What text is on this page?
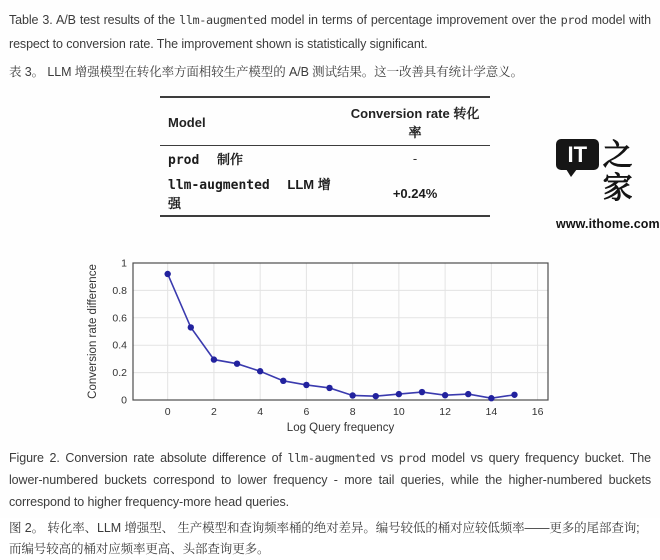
Table 3. A/B test results of the llm-augmented model in terms of percentage improvement over the prod model with respect to conversion rate. The improvement shown is statistically significant.

表 3。 LLM 增强模型在转化率方面相较生产模型的 A/B 测试结果。这一改善具有统计学意义。

Model	Conversion rate 转化率
prod 制作	-
llm-augmented LLM 增强	+0.24%
IT 之家
www.ithome.com
0
0.2
0.4
0.6
0.8
1
0	2	4	6	8	10	12	14	16
Log Query frequency
Conversion rate difference

Figure 2. Conversion rate absolute difference of llm-augmented vs prod model vs query frequency bucket. The lower-numbered buckets correspond to lower frequency - more tail queries, while the higher-numbered buckets correspond to higher frequency-more head queries.

图 2。 转化率、LLM 增强型、 生产模型和查询频率桶的绝对差异。编号较低的桶对应较低频率——更多的尾部查询;而编号较高的桶对应频率更高、头部查询更多。
